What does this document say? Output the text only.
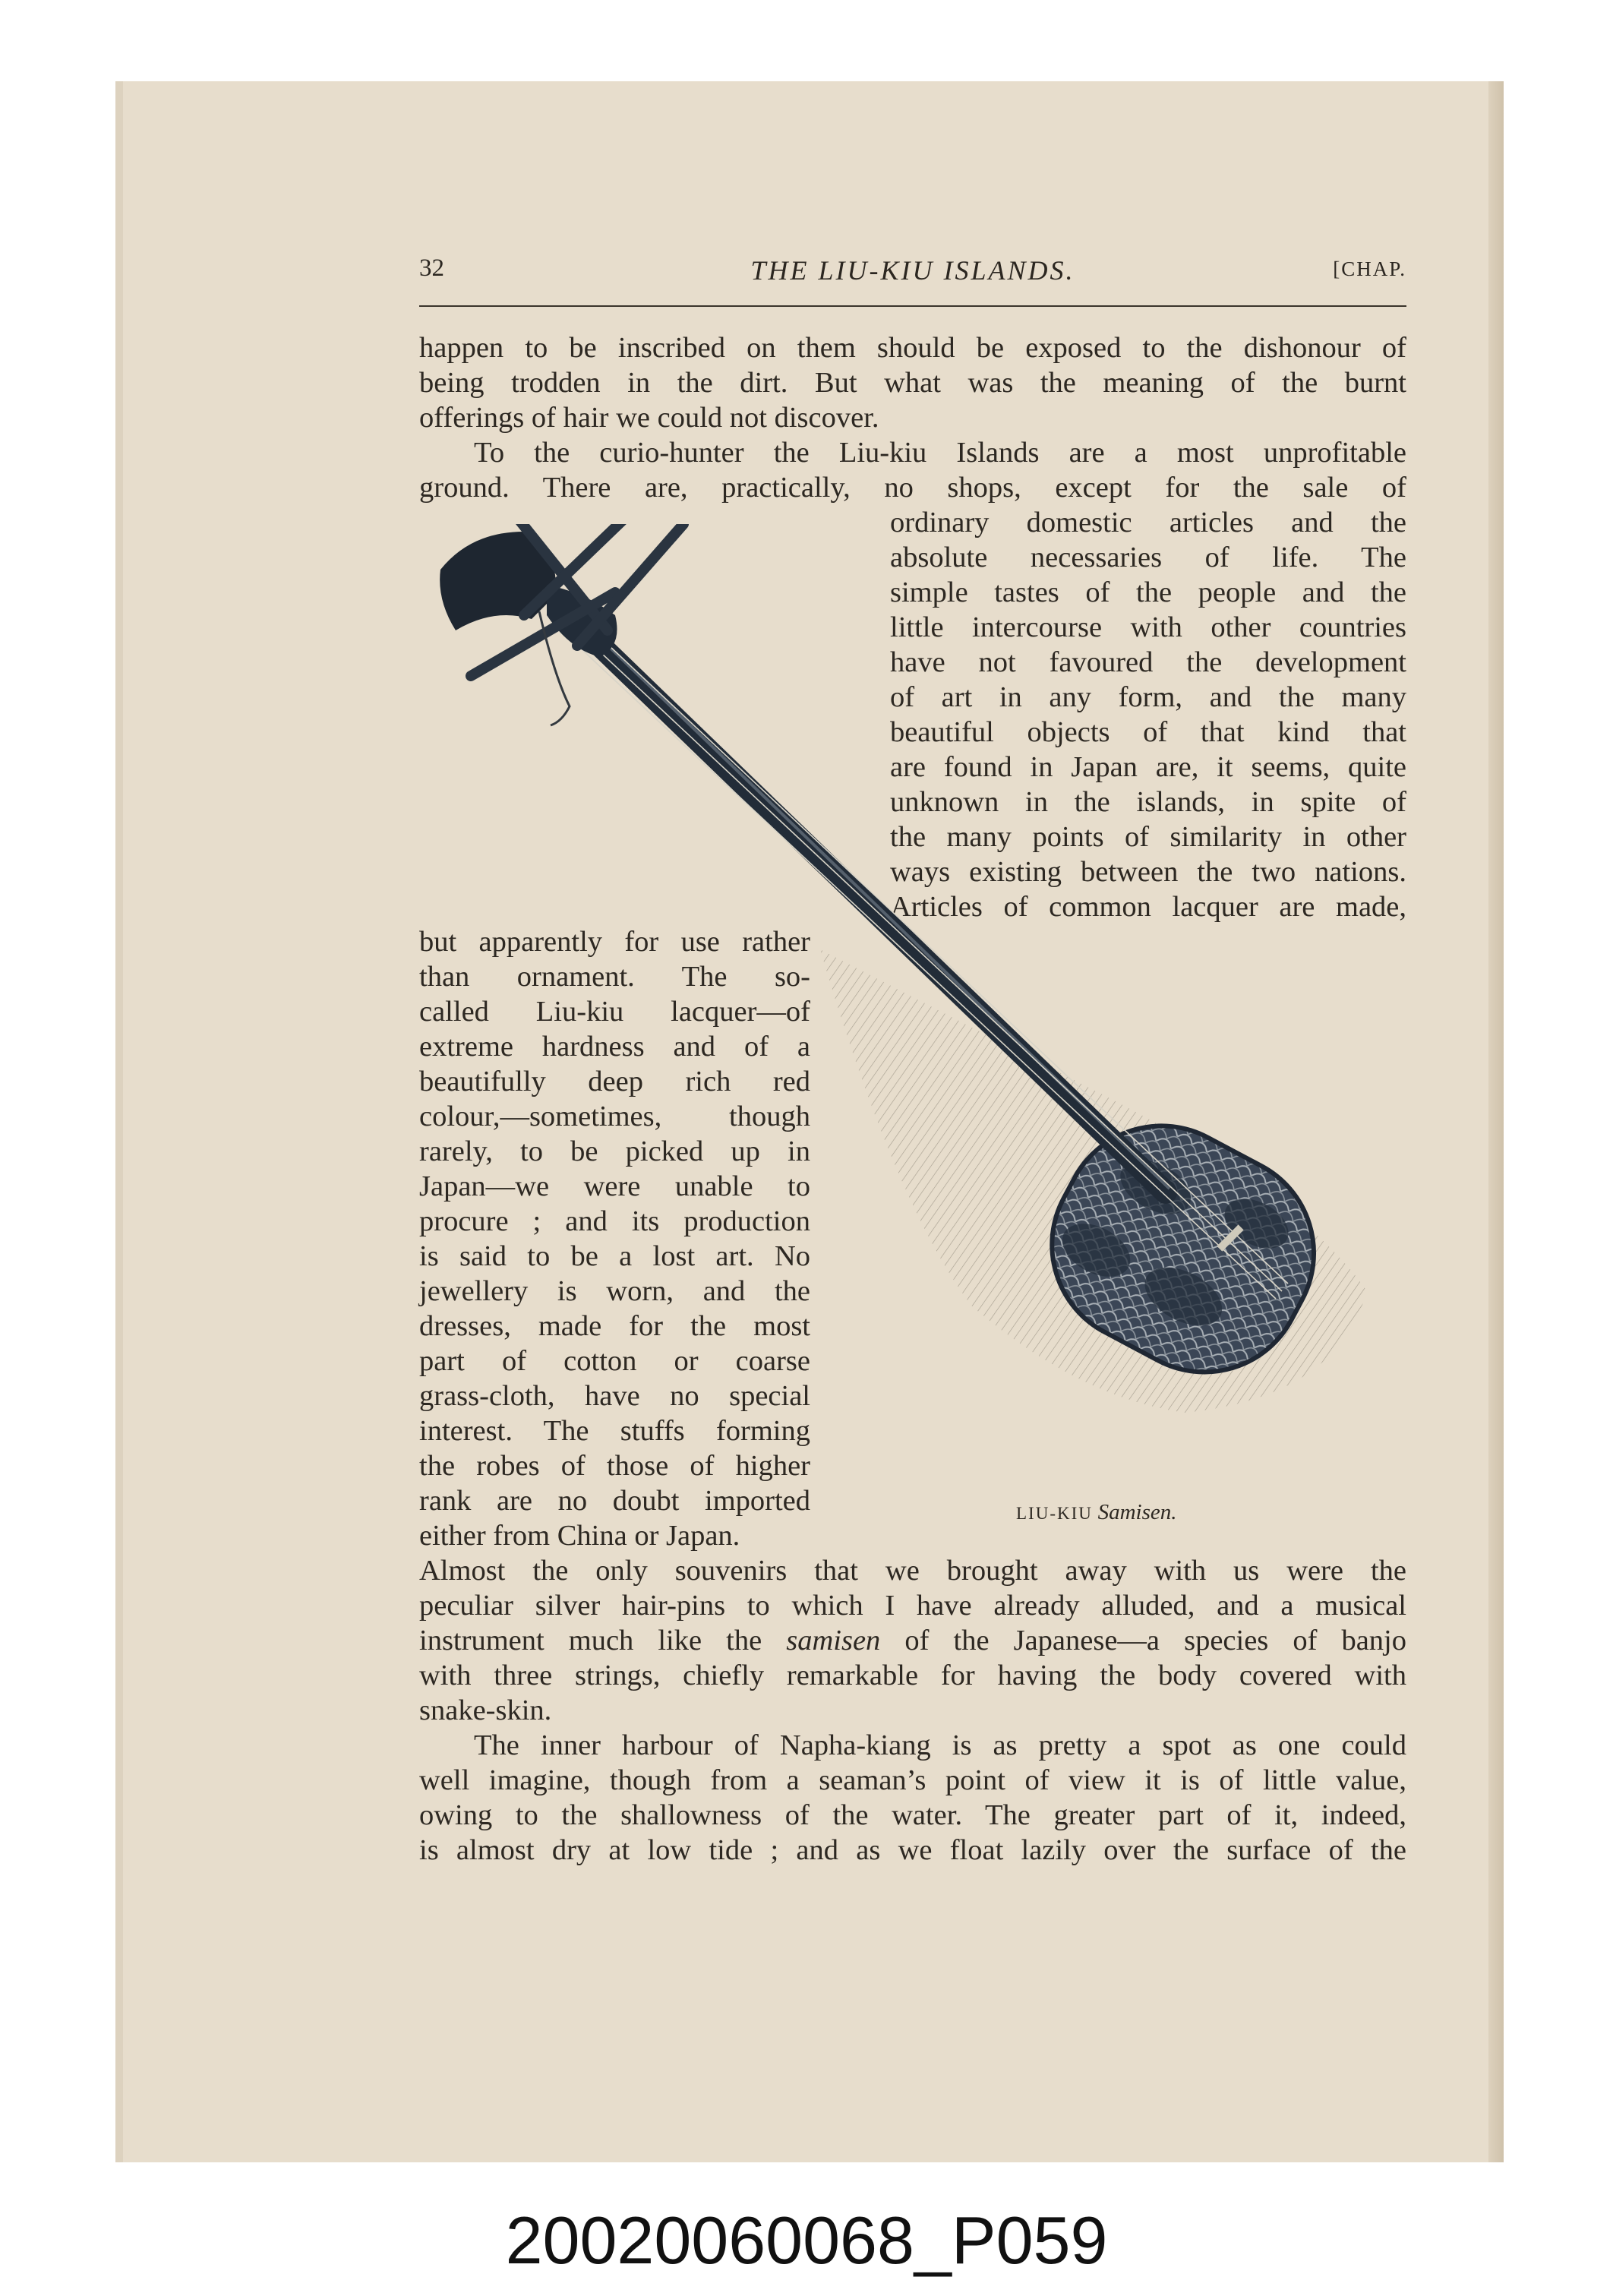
32	THE LIU-KIU ISLANDS.	[CHAP.
happen to be inscribed on them should be exposed to the dishonour of
being trodden in the dirt. But what was the meaning of the burnt
offerings of hair we could not discover.
To the curio-hunter the Liu-kiu Islands are a most unprofitable
ground. There are, practically, no shops, except for the sale of
ordinary domestic articles and the
absolute necessaries of life. The
simple tastes of the people and the
little intercourse with other countries
have not favoured the development
of art in any form, and the many
beautiful objects of that kind that
are found in Japan are, it seems, quite
unknown in the islands, in spite of
the many points of similarity in other
ways existing between the two nations.
Articles of common lacquer are made,
but apparently for use rather
than ornament. The so-
called Liu-kiu lacquer—of
extreme hardness and of a
beautifully deep rich red
colour,—sometimes, though
rarely, to be picked up in
Japan—we were unable to
procure ; and its production
is said to be a lost art. No
jewellery is worn, and the
dresses, made for the most
part of cotton or coarse
grass-cloth, have no special
interest. The stuffs forming
the robes of those of higher
rank are no doubt imported
either from China or Japan.
LIU-KIU Samisen.
Almost the only souvenirs that we brought away with us were the
peculiar silver hair-pins to which I have already alluded, and a musical
instrument much like the samisen of the Japanese—a species of banjo
with three strings, chiefly remarkable for having the body covered with
snake-skin.
The inner harbour of Napha-kiang is as pretty a spot as one could
well imagine, though from a seaman’s point of view it is of little value,
owing to the shallowness of the water. The greater part of it, indeed,
is almost dry at low tide ; and as we float lazily over the surface of the
20020060068_P059
